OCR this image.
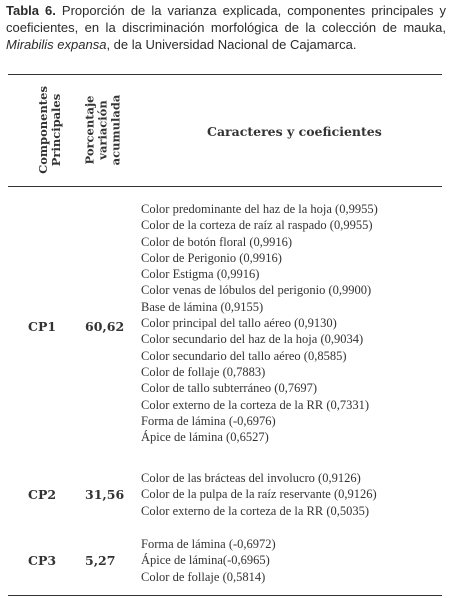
Tabla 6. Proporción de la varianza explicada, componentes principales y coeficientes, en la discriminación morfológica de la colección de mauka, Mirabilis expansa, de la Universidad Nacional de Cajamarca.
Componentes Principales Porcentaje variación acumulada	Caracteres y coeficientes
CP1 60,62
Color predominante del haz de la hoja (0,9955)
Color de la corteza de raíz al raspado (0,9955)
Color de botón floral (0,9916)
Color de Perigonio (0,9916)
Color Estigma (0,9916)
Color venas de lóbulos del perigonio (0,9900)
Base de lámina (0,9155)
Color principal del tallo aéreo (0,9130)
Color secundario del haz de la hoja (0,9034)
Color secundario del tallo aéreo (0,8585)
Color de follaje (0,7883)
Color de tallo subterráneo (0,7697)
Color externo de la corteza de la RR (0,7331)
Forma de lámina (-0,6976)
Ápice de lámina (0,6527)
CP2 31,56
Color de las brácteas del involucro (0,9126)
Color de la pulpa de la raíz reservante (0,9126)
Color externo de la corteza de la RR (0,5035)
CP3 5,27
Forma de lámina (-0,6972)
Ápice de lámina(-0,6965)
Color de follaje (0,5814)
